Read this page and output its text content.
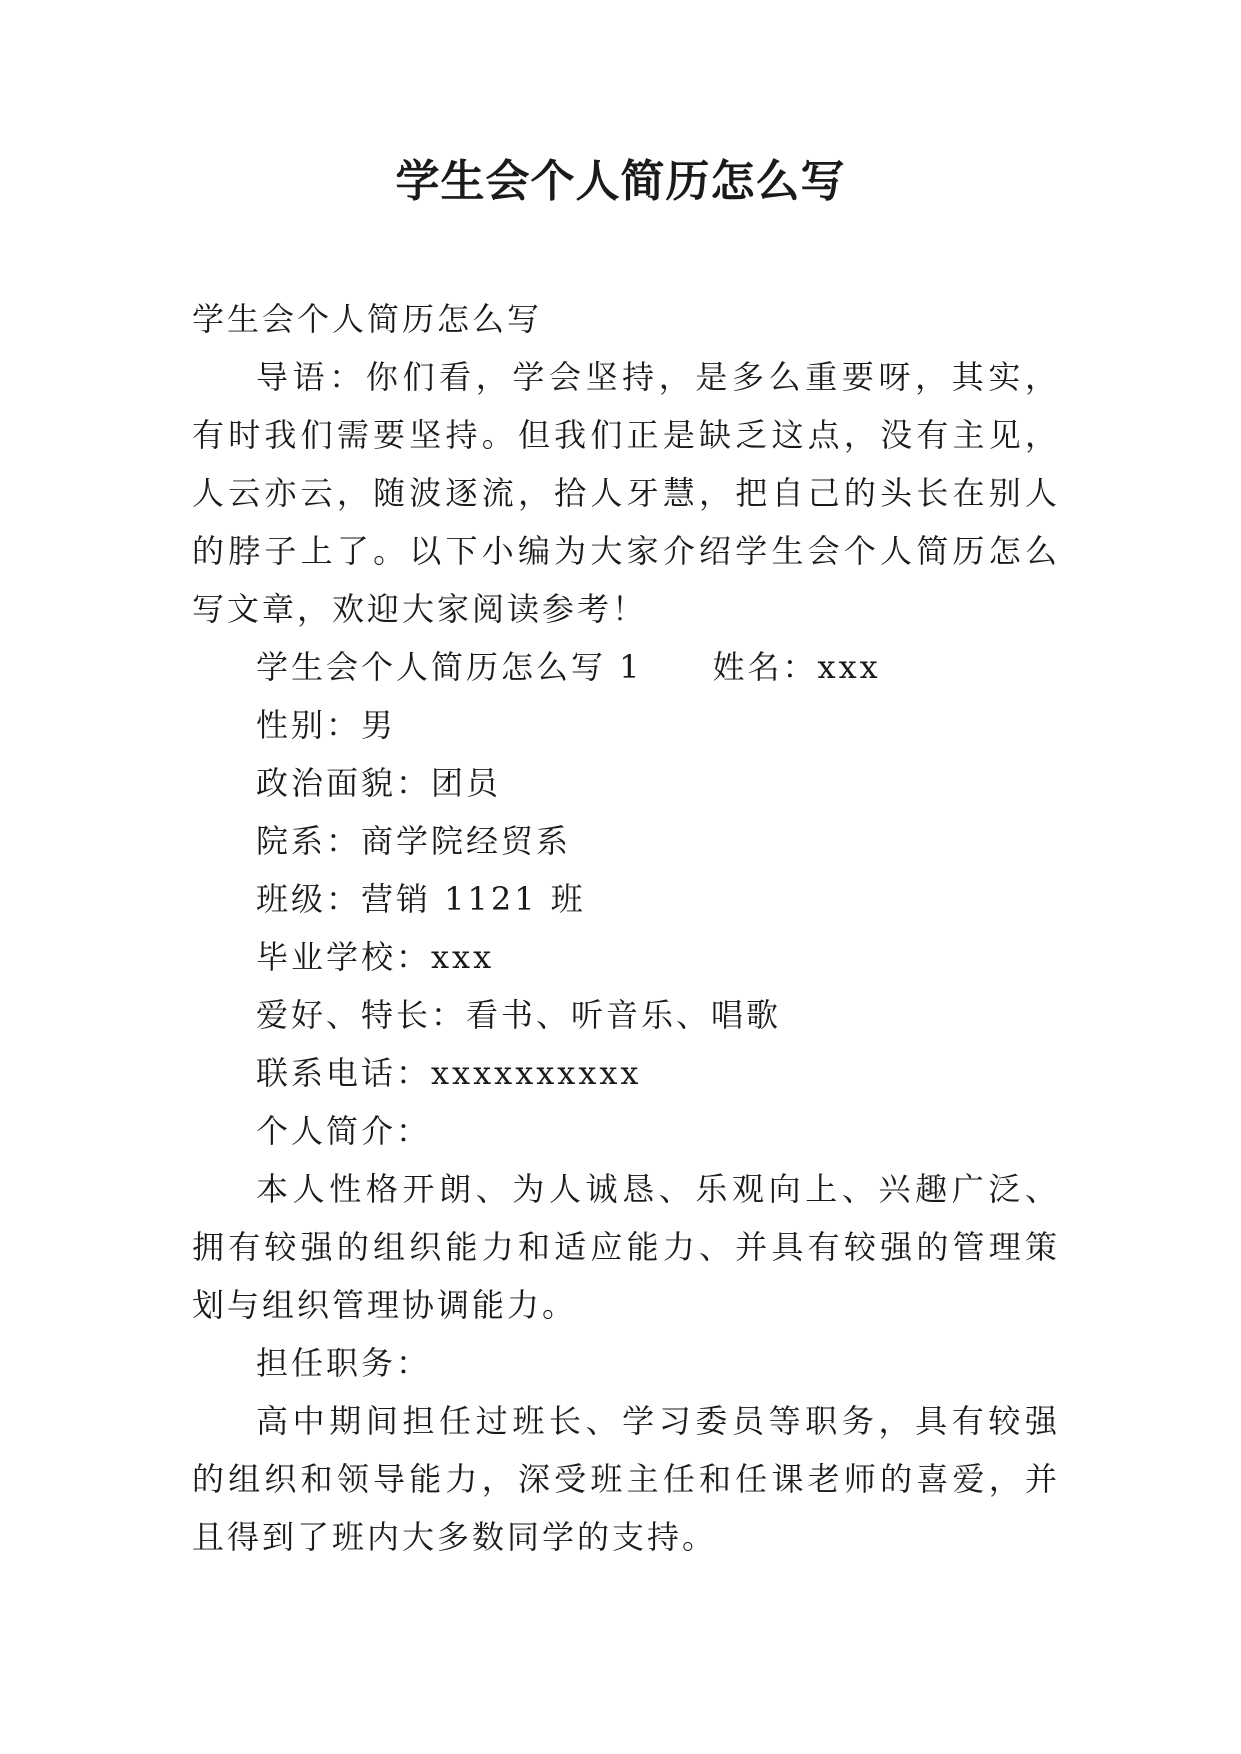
学生会个人简历怎么写

学生会个人简历怎么写

导语：你们看，学会坚持，是多么重要呀，其实，有时我们需要坚持。但我们正是缺乏这点，没有主见，人云亦云，随波逐流，拾人牙慧，把自己的头长在别人的脖子上了。以下小编为大家介绍学生会个人简历怎么写文章，欢迎大家阅读参考！

学生会个人简历怎么写 1 姓名：xxx

性别：男

政治面貌：团员

院系：商学院经贸系

班级：营销 1121 班

毕业学校：xxx

爱好、特长：看书、听音乐、唱歌

联系电话：xxxxxxxxxx

个人简介：

本人性格开朗、为人诚恳、乐观向上、兴趣广泛、拥有较强的组织能力和适应能力、并具有较强的管理策划与组织管理协调能力。

担任职务：

高中期间担任过班长、学习委员等职务，具有较强的组织和领导能力，深受班主任和任课老师的喜爱，并且得到了班内大多数同学的支持。
